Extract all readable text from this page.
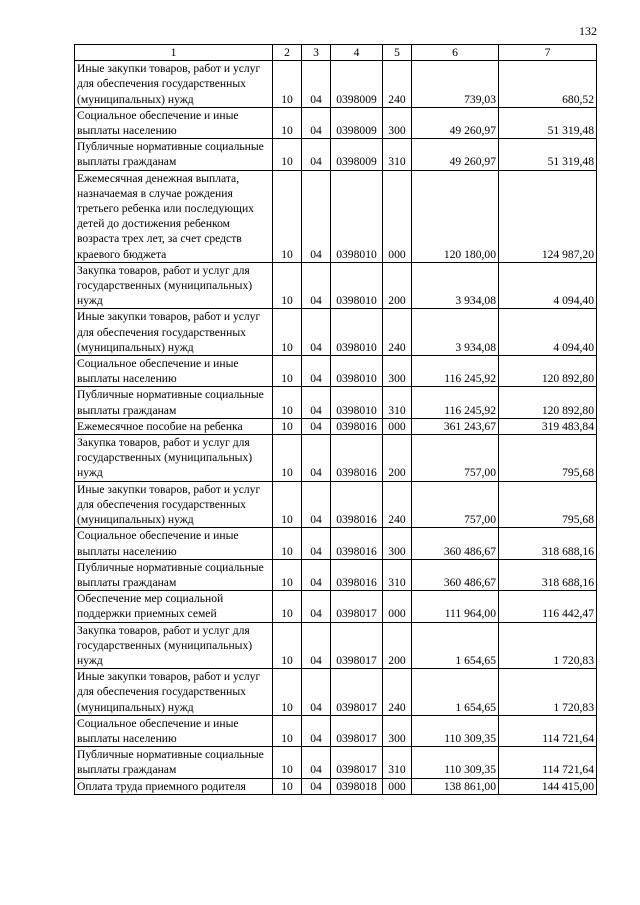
132
1	2	3	4	5	6	7
Иные закупки товаров, работ и услуг для обеспечения государственных (муниципальных) нужд	10	04	0398009	240	739,03	680,52
Социальное обеспечение и иные выплаты населению	10	04	0398009	300	49 260,97	51 319,48
Публичные нормативные социальные выплаты гражданам	10	04	0398009	310	49 260,97	51 319,48
Ежемесячная денежная выплата, назначаемая в случае рождения третьего ребенка или последующих детей до достижения ребенком возраста трех лет, за счет средств краевого бюджета	10	04	0398010	000	120 180,00	124 987,20
Закупка товаров, работ и услуг для государственных (муниципальных) нужд	10	04	0398010	200	3 934,08	4 094,40
Иные закупки товаров, работ и услуг для обеспечения государственных (муниципальных) нужд	10	04	0398010	240	3 934,08	4 094,40
Социальное обеспечение и иные выплаты населению	10	04	0398010	300	116 245,92	120 892,80
Публичные нормативные социальные выплаты гражданам	10	04	0398010	310	116 245,92	120 892,80
Ежемесячное пособие на ребенка	10	04	0398016	000	361 243,67	319 483,84
Закупка товаров, работ и услуг для государственных (муниципальных) нужд	10	04	0398016	200	757,00	795,68
Иные закупки товаров, работ и услуг для обеспечения государственных (муниципальных) нужд	10	04	0398016	240	757,00	795,68
Социальное обеспечение и иные выплаты населению	10	04	0398016	300	360 486,67	318 688,16
Публичные нормативные социальные выплаты гражданам	10	04	0398016	310	360 486,67	318 688,16
Обеспечение мер социальной поддержки приемных семей	10	04	0398017	000	111 964,00	116 442,47
Закупка товаров, работ и услуг для государственных (муниципальных) нужд	10	04	0398017	200	1 654,65	1 720,83
Иные закупки товаров, работ и услуг для обеспечения государственных (муниципальных) нужд	10	04	0398017	240	1 654,65	1 720,83
Социальное обеспечение и иные выплаты населению	10	04	0398017	300	110 309,35	114 721,64
Публичные нормативные социальные выплаты гражданам	10	04	0398017	310	110 309,35	114 721,64
Оплата труда приемного родителя	10	04	0398018	000	138 861,00	144 415,00
